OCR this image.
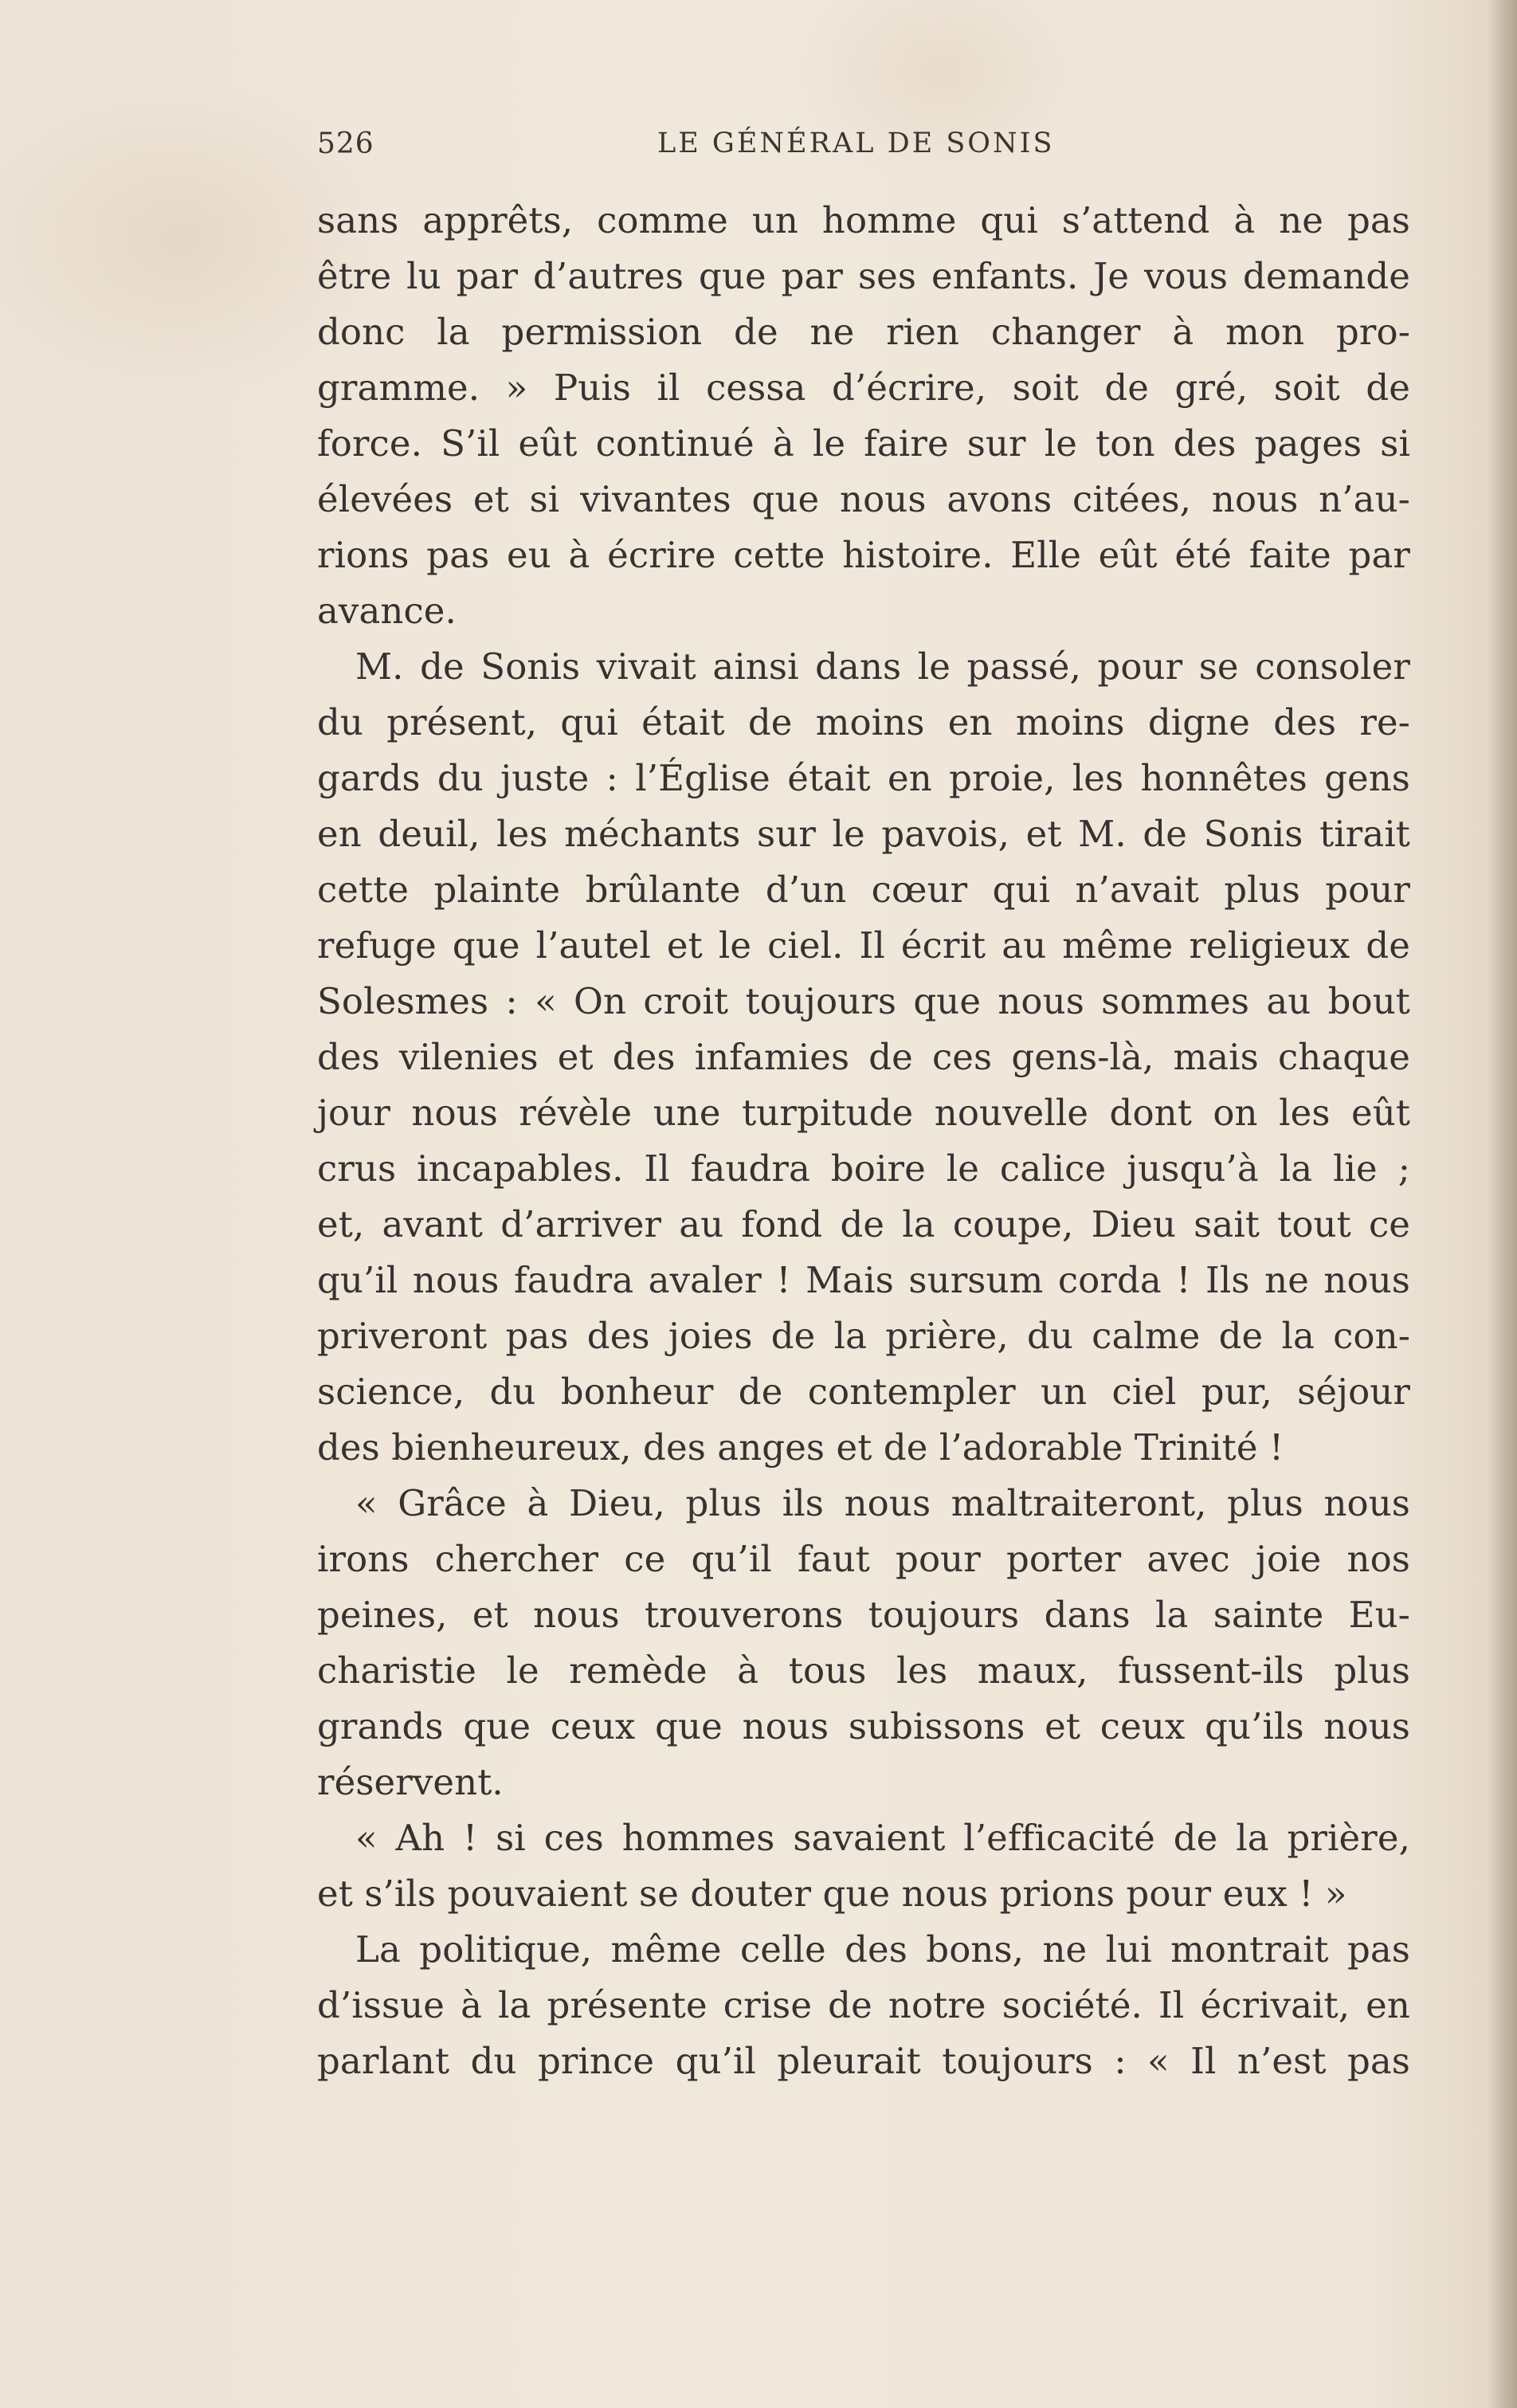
526	LE GÉNÉRAL DE SONIS
sans apprêts, comme un homme qui s’attend à ne pas
être lu par d’autres que par ses enfants. Je vous demande
donc la permission de ne rien changer à mon pro-
gramme. » Puis il cessa d’écrire, soit de gré, soit de
force. S’il eût continué à le faire sur le ton des pages si
élevées et si vivantes que nous avons citées, nous n’au-
rions pas eu à écrire cette histoire. Elle eût été faite par
avance.
M. de Sonis vivait ainsi dans le passé, pour se consoler
du présent, qui était de moins en moins digne des re-
gards du juste : l’Église était en proie, les honnêtes gens
en deuil, les méchants sur le pavois, et M. de Sonis tirait
cette plainte brûlante d’un cœur qui n’avait plus pour
refuge que l’autel et le ciel. Il écrit au même religieux de
Solesmes : « On croit toujours que nous sommes au bout
des vilenies et des infamies de ces gens-là, mais chaque
jour nous révèle une turpitude nouvelle dont on les eût
crus incapables. Il faudra boire le calice jusqu’à la lie ;
et, avant d’arriver au fond de la coupe, Dieu sait tout ce
qu’il nous faudra avaler ! Mais sursum corda ! Ils ne nous
priveront pas des joies de la prière, du calme de la con-
science, du bonheur de contempler un ciel pur, séjour
des bienheureux, des anges et de l’adorable Trinité !
« Grâce à Dieu, plus ils nous maltraiteront, plus nous
irons chercher ce qu’il faut pour porter avec joie nos
peines, et nous trouverons toujours dans la sainte Eu-
charistie le remède à tous les maux, fussent-ils plus
grands que ceux que nous subissons et ceux qu’ils nous
réservent.
« Ah ! si ces hommes savaient l’efficacité de la prière,
et s’ils pouvaient se douter que nous prions pour eux ! »
La politique, même celle des bons, ne lui montrait pas
d’issue à la présente crise de notre société. Il écrivait, en
parlant du prince qu’il pleurait toujours : « Il n’est pas
